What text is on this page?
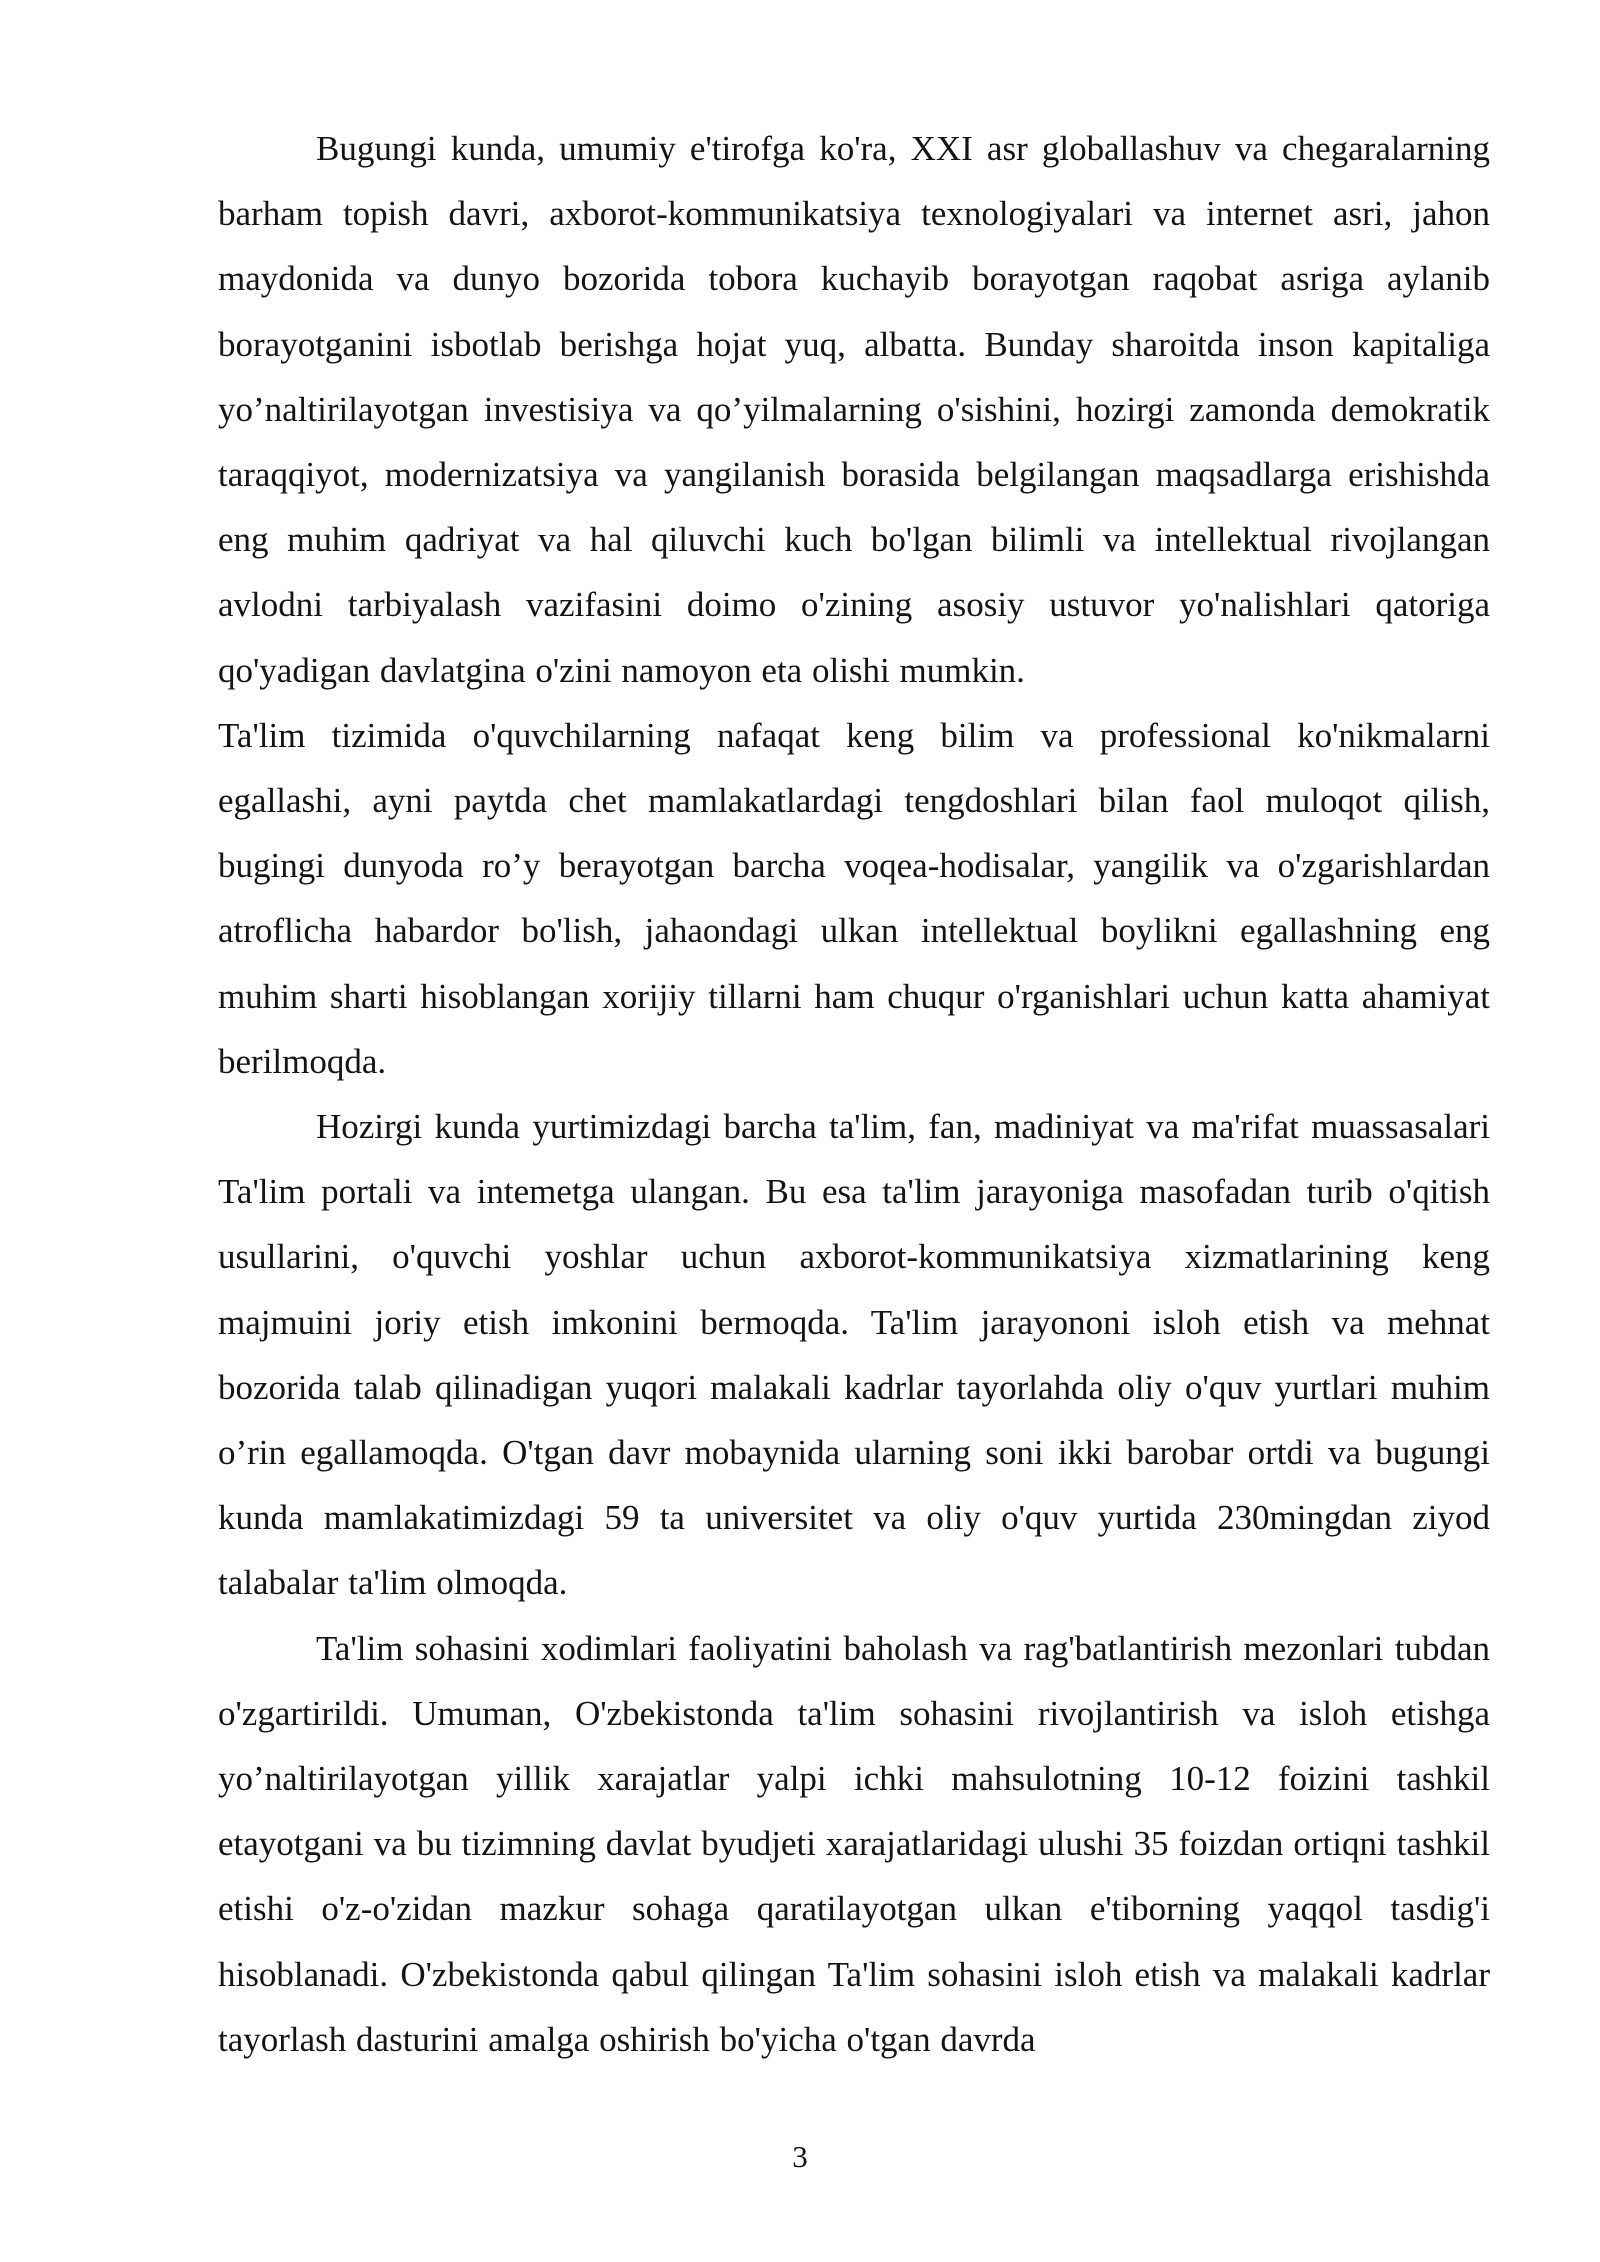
Bugungi kunda, umumiy e'tirofga ko'ra, XXI asr globallashuv va chegaralarning barham topish davri, axborot-kommunikatsiya texnologiyalari va internet asri, jahon maydonida va dunyo bozorida tobora kuchayib borayotgan raqobat asriga aylanib borayotganini isbotlab berishga hojat yuq, albatta. Bunday sharoitda inson kapitaliga yo’naltirilayotgan investisiya va qo’yilmalarning o'sishini, hozirgi zamonda demokratik taraqqiyot, modernizatsiya va yangilanish borasida belgilangan maqsadlarga erishishda eng muhim qadriyat va hal qiluvchi kuch bo'lgan bilimli va intellektual rivojlangan avlodni tarbiyalash vazifasini doimo o'zining asosiy ustuvor yo'nalishlari qatoriga qo'yadigan davlatgina o'zini namoyon eta olishi mumkin.

Ta'lim tizimida o'quvchilarning nafaqat keng bilim va professional ko'nikmalarni egallashi, ayni paytda chet mamlakatlardagi tengdoshlari bilan faol muloqot qilish, bugingi dunyoda ro’y berayotgan barcha voqea-hodisalar, yangilik va o'zgarishlardan atroflicha habardor bo'lish, jahaondagi ulkan intellektual boylikni egallashning eng muhim sharti hisoblangan xorijiy tillarni ham chuqur o'rganishlari uchun katta ahamiyat berilmoqda.

Hozirgi kunda yurtimizdagi barcha ta'lim, fan, madiniyat va ma'rifat muassasalari Ta'lim portali va intemetga ulangan. Bu esa ta'lim jarayoniga masofadan turib o'qitish usullarini, o'quvchi yoshlar uchun axborot-kommunikatsiya xizmatlarining keng majmuini joriy etish imkonini bermoqda. Ta'lim jarayononi isloh etish va mehnat bozorida talab qilinadigan yuqori malakali kadrlar tayorlahda oliy o'quv yurtlari muhim o’rin egallamoqda. O'tgan davr mobaynida ularning soni ikki barobar ortdi va bugungi kunda mamlakatimizdagi 59 ta universitet va oliy o'quv yurtida 230mingdan ziyod talabalar ta'lim olmoqda.

Ta'lim sohasini xodimlari faoliyatini baholash va rag'batlantirish mezonlari tubdan o'zgartirildi. Umuman, O'zbekistonda ta'lim sohasini rivojlantirish va isloh etishga yo’naltirilayotgan yillik xarajatlar yalpi ichki mahsulotning 10-12 foizini tashkil etayotgani va bu tizimning davlat byudjeti xarajatlaridagi ulushi 35 foizdan ortiqni tashkil etishi o'z-o'zidan mazkur sohaga qaratilayotgan ulkan e'tiborning yaqqol tasdig'i hisoblanadi. O'zbekistonda qabul qilingan Ta'lim sohasini isloh etish va malakali kadrlar tayorlash dasturini amalga oshirish bo'yicha o'tgan davrda

3
